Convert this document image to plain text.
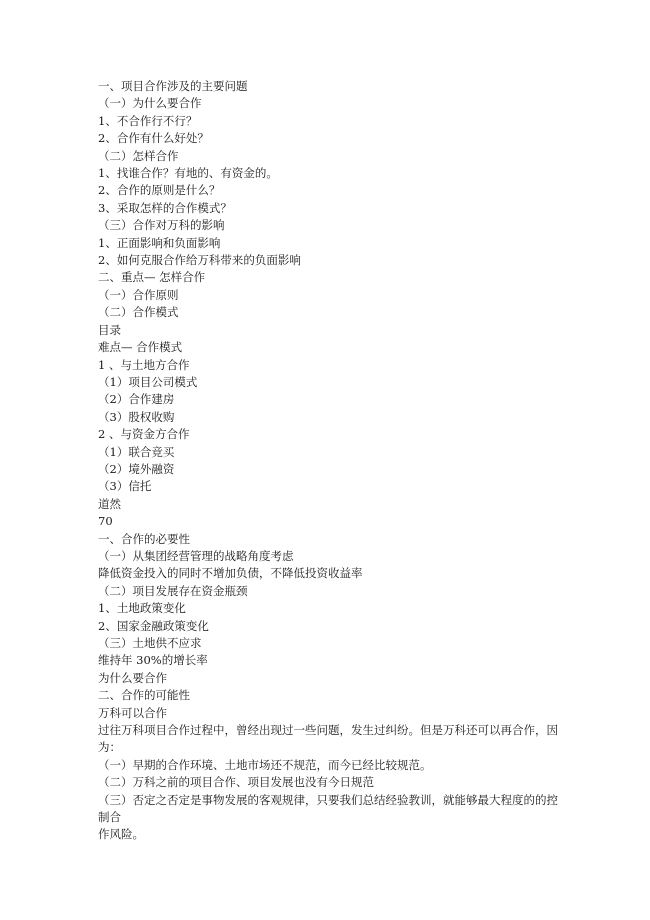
一、项目合作涉及的主要问题
（一）为什么要合作
1、不合作行不行？
2、合作有什么好处？
（二）怎样合作
1、找谁合作？有地的、有资金的。
2、合作的原则是什么？
3、采取怎样的合作模式？
（三）合作对万科的影响
1、正面影响和负面影响
2、如何克服合作给万科带来的负面影响
二、重点— 怎样合作
（一）合作原则
（二）合作模式
目录
难点— 合作模式
1 、与土地方合作
（1）项目公司模式
（2）合作建房
（3）股权收购
2 、与资金方合作
（1）联合竞买
（2）境外融资
（3）信托
道然
70
一、合作的必要性
（一）从集团经营管理的战略角度考虑
降低资金投入的同时不增加负债，不降低投资收益率
（二）项目发展存在资金瓶颈
1、土地政策变化
2、国家金融政策变化
（三）土地供不应求
维持年 30%的增长率
为什么要合作
二、合作的可能性
万科可以合作
过往万科项目合作过程中，曾经出现过一些问题，发生过纠纷。但是万科还可以再合作，因为：
（一）早期的合作环境、土地市场还不规范，而今已经比较规范。
（二）万科之前的项目合作、项目发展也没有今日规范
（三）否定之否定是事物发展的客观规律，只要我们总结经验教训，就能够最大程度的的控制合
作风险。
